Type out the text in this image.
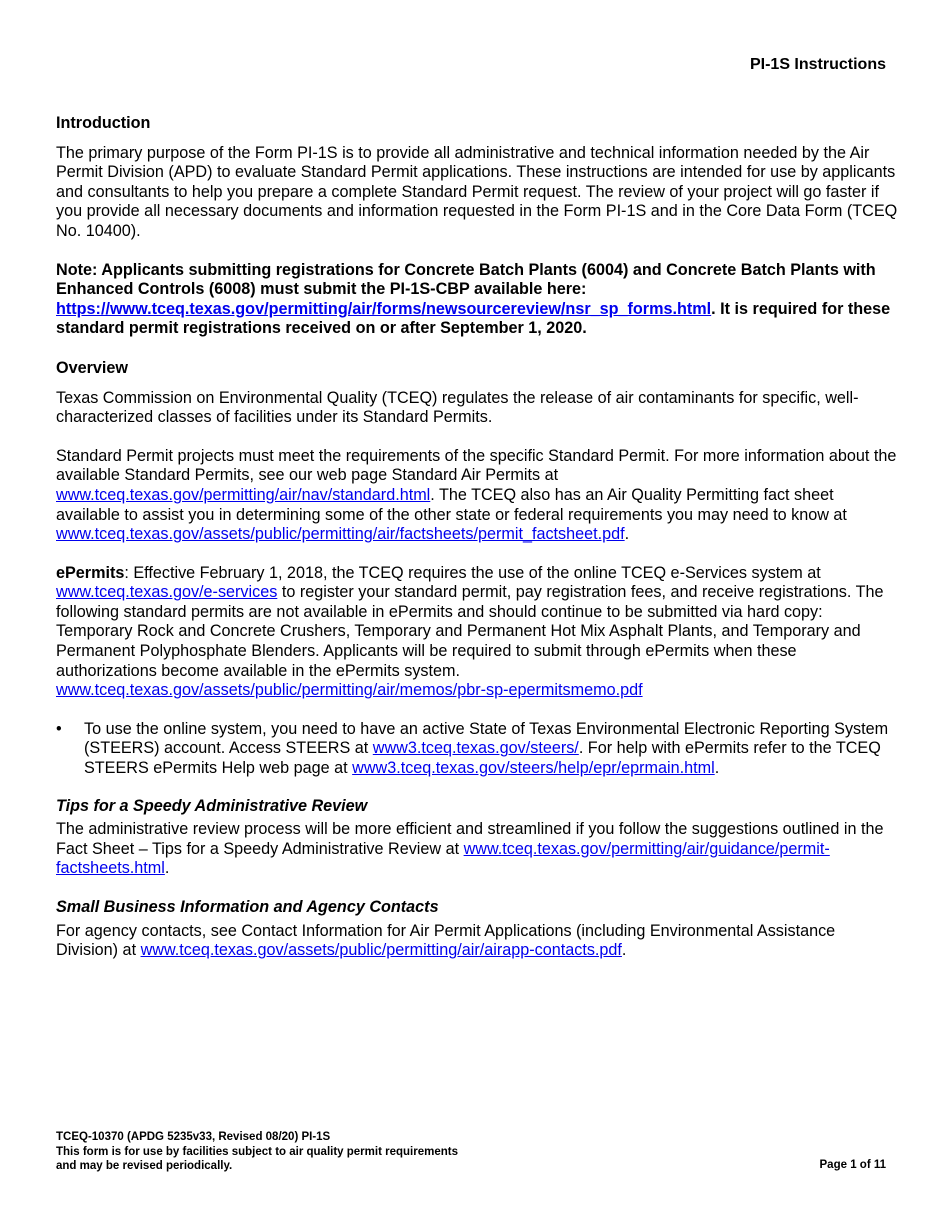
PI-1S Instructions
Introduction

The primary purpose of the Form PI-1S is to provide all administrative and technical information needed by the Air Permit Division (APD) to evaluate Standard Permit applications. These instructions are intended for use by applicants and consultants to help you prepare a complete Standard Permit request. The review of your project will go faster if you provide all necessary documents and information requested in the Form PI-1S and in the Core Data Form (TCEQ No. 10400).

Note: Applicants submitting registrations for Concrete Batch Plants (6004) and Concrete Batch Plants with Enhanced Controls (6008) must submit the PI-1S-CBP available here: https://www.tceq.texas.gov/permitting/air/forms/newsourcereview/nsr_sp_forms.html. It is required for these standard permit registrations received on or after September 1, 2020.

Overview

Texas Commission on Environmental Quality (TCEQ) regulates the release of air contaminants for specific, well-characterized classes of facilities under its Standard Permits.

Standard Permit projects must meet the requirements of the specific Standard Permit. For more information about the available Standard Permits, see our web page Standard Air Permits at www.tceq.texas.gov/permitting/air/nav/standard.html. The TCEQ also has an Air Quality Permitting fact sheet available to assist you in determining some of the other state or federal requirements you may need to know at www.tceq.texas.gov/assets/public/permitting/air/factsheets/permit_factsheet.pdf.

ePermits: Effective February 1, 2018, the TCEQ requires the use of the online TCEQ e-Services system at www.tceq.texas.gov/e-services to register your standard permit, pay registration fees, and receive registrations. The following standard permits are not available in ePermits and should continue to be submitted via hard copy: Temporary Rock and Concrete Crushers, Temporary and Permanent Hot Mix Asphalt Plants, and Temporary and Permanent Polyphosphate Blenders. Applicants will be required to submit through ePermits when these authorizations become available in the ePermits system.
www.tceq.texas.gov/assets/public/permitting/air/memos/pbr-sp-epermitsmemo.pdf

• To use the online system, you need to have an active State of Texas Environmental Electronic Reporting System (STEERS) account. Access STEERS at www3.tceq.texas.gov/steers/. For help with ePermits refer to the TCEQ STEERS ePermits Help web page at www3.tceq.texas.gov/steers/help/epr/eprmain.html.
Tips for a Speedy Administrative Review

The administrative review process will be more efficient and streamlined if you follow the suggestions outlined in the Fact Sheet – Tips for a Speedy Administrative Review at www.tceq.texas.gov/permitting/air/guidance/permit-factsheets.html.

Small Business Information and Agency Contacts

For agency contacts, see Contact Information for Air Permit Applications (including Environmental Assistance Division) at www.tceq.texas.gov/assets/public/permitting/air/airapp-contacts.pdf.

TCEQ-10370 (APDG 5235v33, Revised 08/20) PI-1S
This form is for use by facilities subject to air quality permit requirements
and may be revised periodically.	Page 1 of 11
